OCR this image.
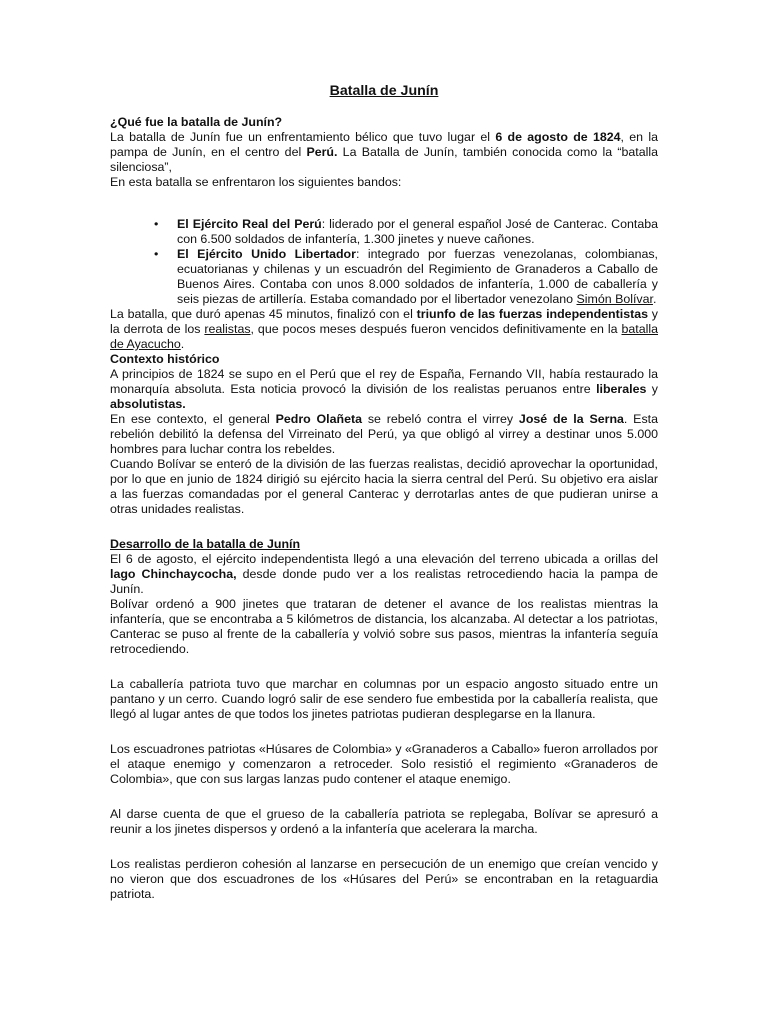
Batalla de Junín

¿Qué fue la batalla de Junín?

La batalla de Junín fue un enfrentamiento bélico que tuvo lugar el 6 de agosto de 1824, en la pampa de Junín, en el centro del Perú. La Batalla de Junín, también conocida como la “batalla silenciosa”,

En esta batalla se enfrentaron los siguientes bandos:

• El Ejército Real del Perú: liderado por el general español José de Canterac. Contaba con 6.500 soldados de infantería, 1.300 jinetes y nueve cañones.
• El Ejército Unido Libertador: integrado por fuerzas venezolanas, colombianas, ecuatorianas y chilenas y un escuadrón del Regimiento de Granaderos a Caballo de Buenos Aires. Contaba con unos 8.000 soldados de infantería, 1.000 de caballería y seis piezas de artillería. Estaba comandado por el libertador venezolano Simón Bolívar.

La batalla, que duró apenas 45 minutos, finalizó con el triunfo de las fuerzas independentistas y la derrota de los realistas, que pocos meses después fueron vencidos definitivamente en la batalla de Ayacucho.

Contexto histórico

A principios de 1824 se supo en el Perú que el rey de España, Fernando VII, había restaurado la monarquía absoluta. Esta noticia provocó la división de los realistas peruanos entre liberales y absolutistas.

En ese contexto, el general Pedro Olañeta se rebeló contra el virrey José de la Serna. Esta rebelión debilitó la defensa del Virreinato del Perú, ya que obligó al virrey a destinar unos 5.000 hombres para luchar contra los rebeldes.

Cuando Bolívar se enteró de la división de las fuerzas realistas, decidió aprovechar la oportunidad, por lo que en junio de 1824 dirigió su ejército hacia la sierra central del Perú. Su objetivo era aislar a las fuerzas comandadas por el general Canterac y derrotarlas antes de que pudieran unirse a otras unidades realistas.

Desarrollo de la batalla de Junín

El 6 de agosto, el ejército independentista llegó a una elevación del terreno ubicada a orillas del lago Chinchaycocha, desde donde pudo ver a los realistas retrocediendo hacia la pampa de Junín.

Bolívar ordenó a 900 jinetes que trataran de detener el avance de los realistas mientras la infantería, que se encontraba a 5 kilómetros de distancia, los alcanzaba. Al detectar a los patriotas, Canterac se puso al frente de la caballería y volvió sobre sus pasos, mientras la infantería seguía retrocediendo.

La caballería patriota tuvo que marchar en columnas por un espacio angosto situado entre un pantano y un cerro. Cuando logró salir de ese sendero fue embestida por la caballería realista, que llegó al lugar antes de que todos los jinetes patriotas pudieran desplegarse en la llanura.

Los escuadrones patriotas «Húsares de Colombia» y «Granaderos a Caballo» fueron arrollados por el ataque enemigo y comenzaron a retroceder. Solo resistió el regimiento «Granaderos de Colombia», que con sus largas lanzas pudo contener el ataque enemigo.

Al darse cuenta de que el grueso de la caballería patriota se replegaba, Bolívar se apresuró a reunir a los jinetes dispersos y ordenó a la infantería que acelerara la marcha.

Los realistas perdieron cohesión al lanzarse en persecución de un enemigo que creían vencido y no vieron que dos escuadrones de los «Húsares del Perú» se encontraban en la retaguardia patriota.
